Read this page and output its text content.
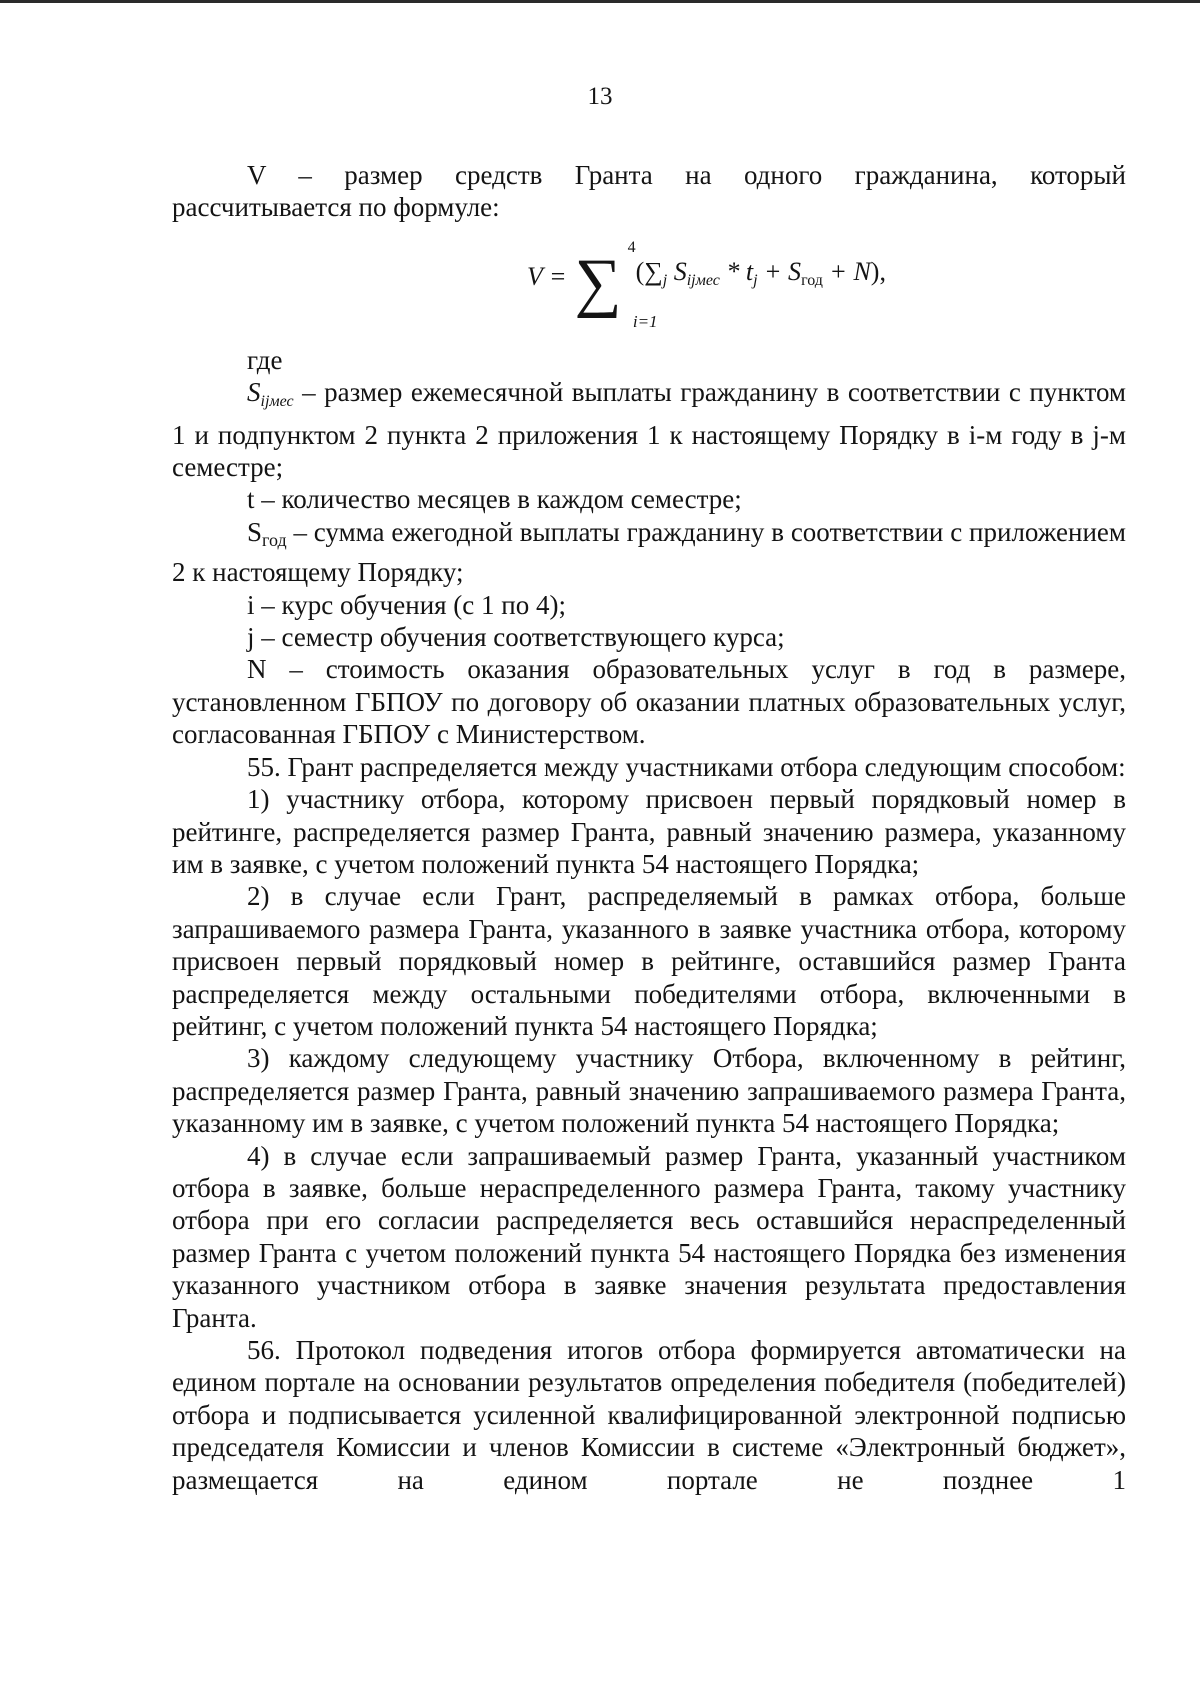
13

V – размер средств Гранта на одного гражданина, который

рассчитывается по формуле:

V = ∑ 4
i=1
($\sum_j$ $S_{ijмес} * t_j + S_{год} + N$),

где

$S_{ijмес}$ – размер ежемесячной выплаты гражданину в соответствии с пунктом 1 и подпунктом 2 пункта 2 приложения 1 к настоящему Порядку в i-м году в j-м семестре;

t – количество месяцев в каждом семестре;

$S_{год}$ – сумма ежегодной выплаты гражданину в соответствии с приложением 2 к настоящему Порядку;

i – курс обучения (с 1 по 4);

j – семестр обучения соответствующего курса;

N – стоимость оказания образовательных услуг в год в размере, установленном ГБПОУ по договору об оказании платных образовательных услуг, согласованная ГБПОУ с Министерством.

55. Грант распределяется между участниками отбора следующим способом:

1) участнику отбора, которому присвоен первый порядковый номер в рейтинге, распределяется размер Гранта, равный значению размера, указанному им в заявке, с учетом положений пункта 54 настоящего Порядка;

2) в случае если Грант, распределяемый в рамках отбора, больше запрашиваемого размера Гранта, указанного в заявке участника отбора, которому присвоен первый порядковый номер в рейтинге, оставшийся размер Гранта распределяется между остальными победителями отбора, включенными в рейтинг, с учетом положений пункта 54 настоящего Порядка;

3) каждому следующему участнику Отбора, включенному в рейтинг, распределяется размер Гранта, равный значению запрашиваемого размера Гранта, указанному им в заявке, с учетом положений пункта 54 настоящего Порядка;

4) в случае если запрашиваемый размер Гранта, указанный участником отбора в заявке, больше нераспределенного размера Гранта, такому участнику отбора при его согласии распределяется весь оставшийся нераспределенный размер Гранта с учетом положений пункта 54 настоящего Порядка без изменения указанного участником отбора в заявке значения результата предоставления Гранта.

56. Протокол подведения итогов отбора формируется автоматически на едином портале на основании результатов определения победителя (победителей) отбора и подписывается усиленной квалифицированной электронной подписью председателя Комиссии и членов Комиссии в системе «Электронный бюджет», размещается на едином портале не позднее 1
